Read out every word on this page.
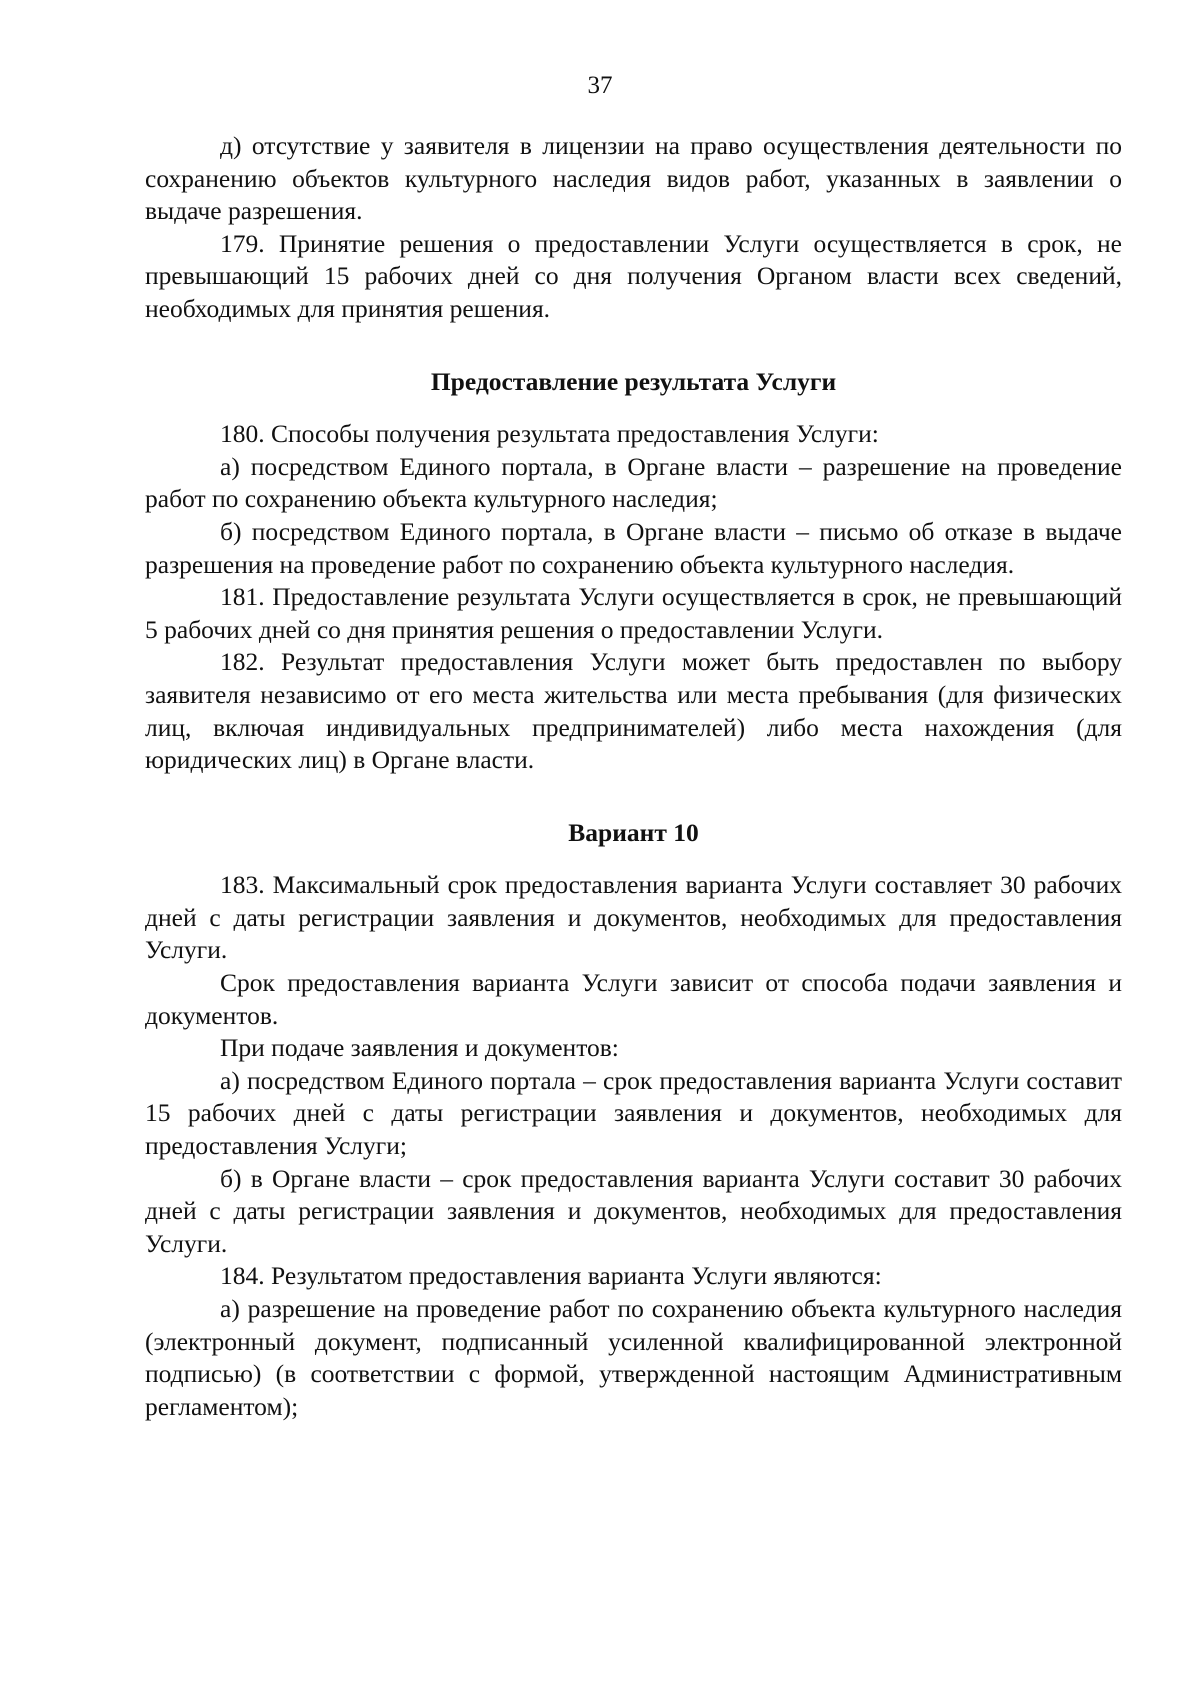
37

д) отсутствие у заявителя в лицензии на право осуществления деятельности по сохранению объектов культурного наследия видов работ, указанных в заявлении о выдаче разрешения.

179. Принятие решения о предоставлении Услуги осуществляется в срок, не превышающий 15 рабочих дней со дня получения Органом власти всех сведений, необходимых для принятия решения.

Предоставление результата Услуги

180. Способы получения результата предоставления Услуги:

а) посредством Единого портала, в Органе власти – разрешение на проведение работ по сохранению объекта культурного наследия;

б) посредством Единого портала, в Органе власти – письмо об отказе в выдаче разрешения на проведение работ по сохранению объекта культурного наследия.

181. Предоставление результата Услуги осуществляется в срок, не превышающий 5 рабочих дней со дня принятия решения о предоставлении Услуги.

182. Результат предоставления Услуги может быть предоставлен по выбору заявителя независимо от его места жительства или места пребывания (для физических лиц, включая индивидуальных предпринимателей) либо места нахождения (для юридических лиц) в Органе власти.

Вариант 10

183. Максимальный срок предоставления варианта Услуги составляет 30 рабочих дней с даты регистрации заявления и документов, необходимых для предоставления Услуги.

Срок предоставления варианта Услуги зависит от способа подачи заявления и документов.

При подаче заявления и документов:

а) посредством Единого портала – срок предоставления варианта Услуги составит 15 рабочих дней с даты регистрации заявления и документов, необходимых для предоставления Услуги;

б) в Органе власти – срок предоставления варианта Услуги составит 30 рабочих дней с даты регистрации заявления и документов, необходимых для предоставления Услуги.

184. Результатом предоставления варианта Услуги являются:

а) разрешение на проведение работ по сохранению объекта культурного наследия (электронный документ, подписанный усиленной квалифицированной электронной подписью) (в соответствии с формой, утвержденной настоящим Административным регламентом);
